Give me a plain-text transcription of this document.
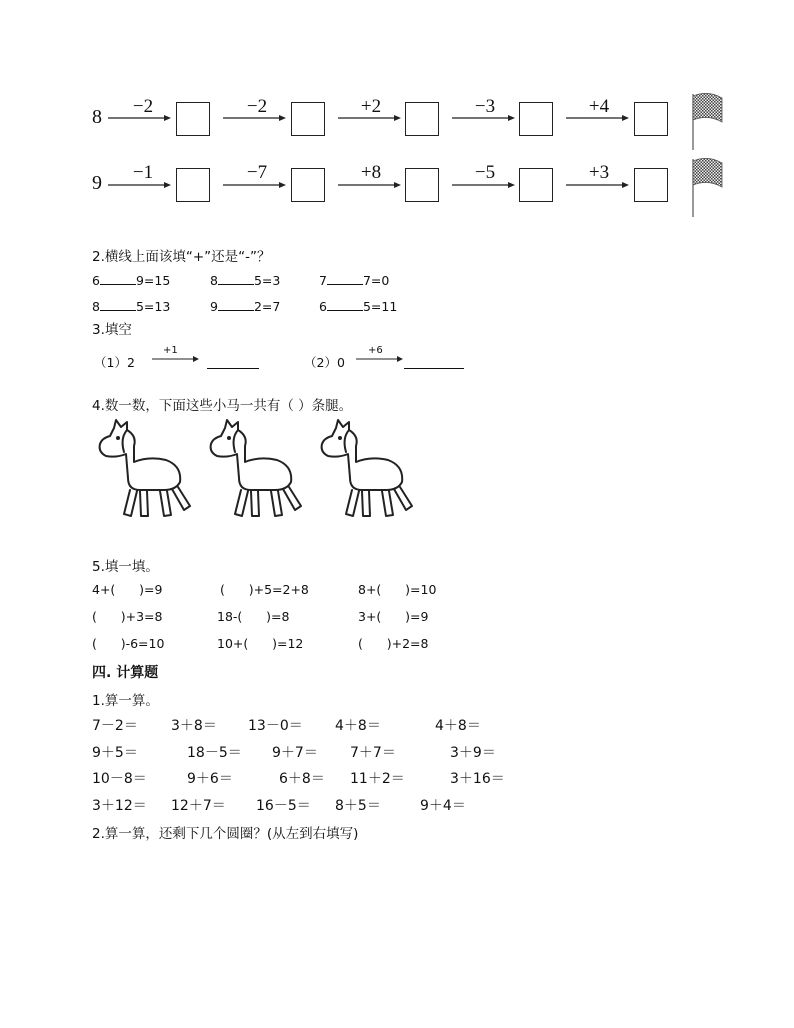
8	−2	−2	+2	−3	+4
9	−1	−7	+8	−5	+3
2.横线上面该填“+”还是“-”？
6	9=15	8	5=3	7	7=0
8	5=13	9	2=7	6	5=11
3.填空
（1）2
+1
（2）0
+6
4.数一数，下面这些小马一共有（ ）条腿。
5.填一填。
4+(      )=9	(      )+5=2+8	8+(      )=10
(      )+3=8	18-(      )=8	3+(      )=9
(      )-6=10	10+(      )=12	(      )+2=8
四. 计算题
1.算一算。
7－2＝ 3＋8＝ 13－0＝ 4＋8＝	4＋8＝
9＋5＝	18－5＝ 9＋7＝ 7＋7＝	3＋9＝
10－8＝	9＋6＝	6＋8＝ 11＋2＝	3＋16＝
3＋12＝ 12＋7＝ 16－5＝ 8＋5＝	9＋4＝
2.算一算，还剩下几个圆圈？(从左到右填写)
